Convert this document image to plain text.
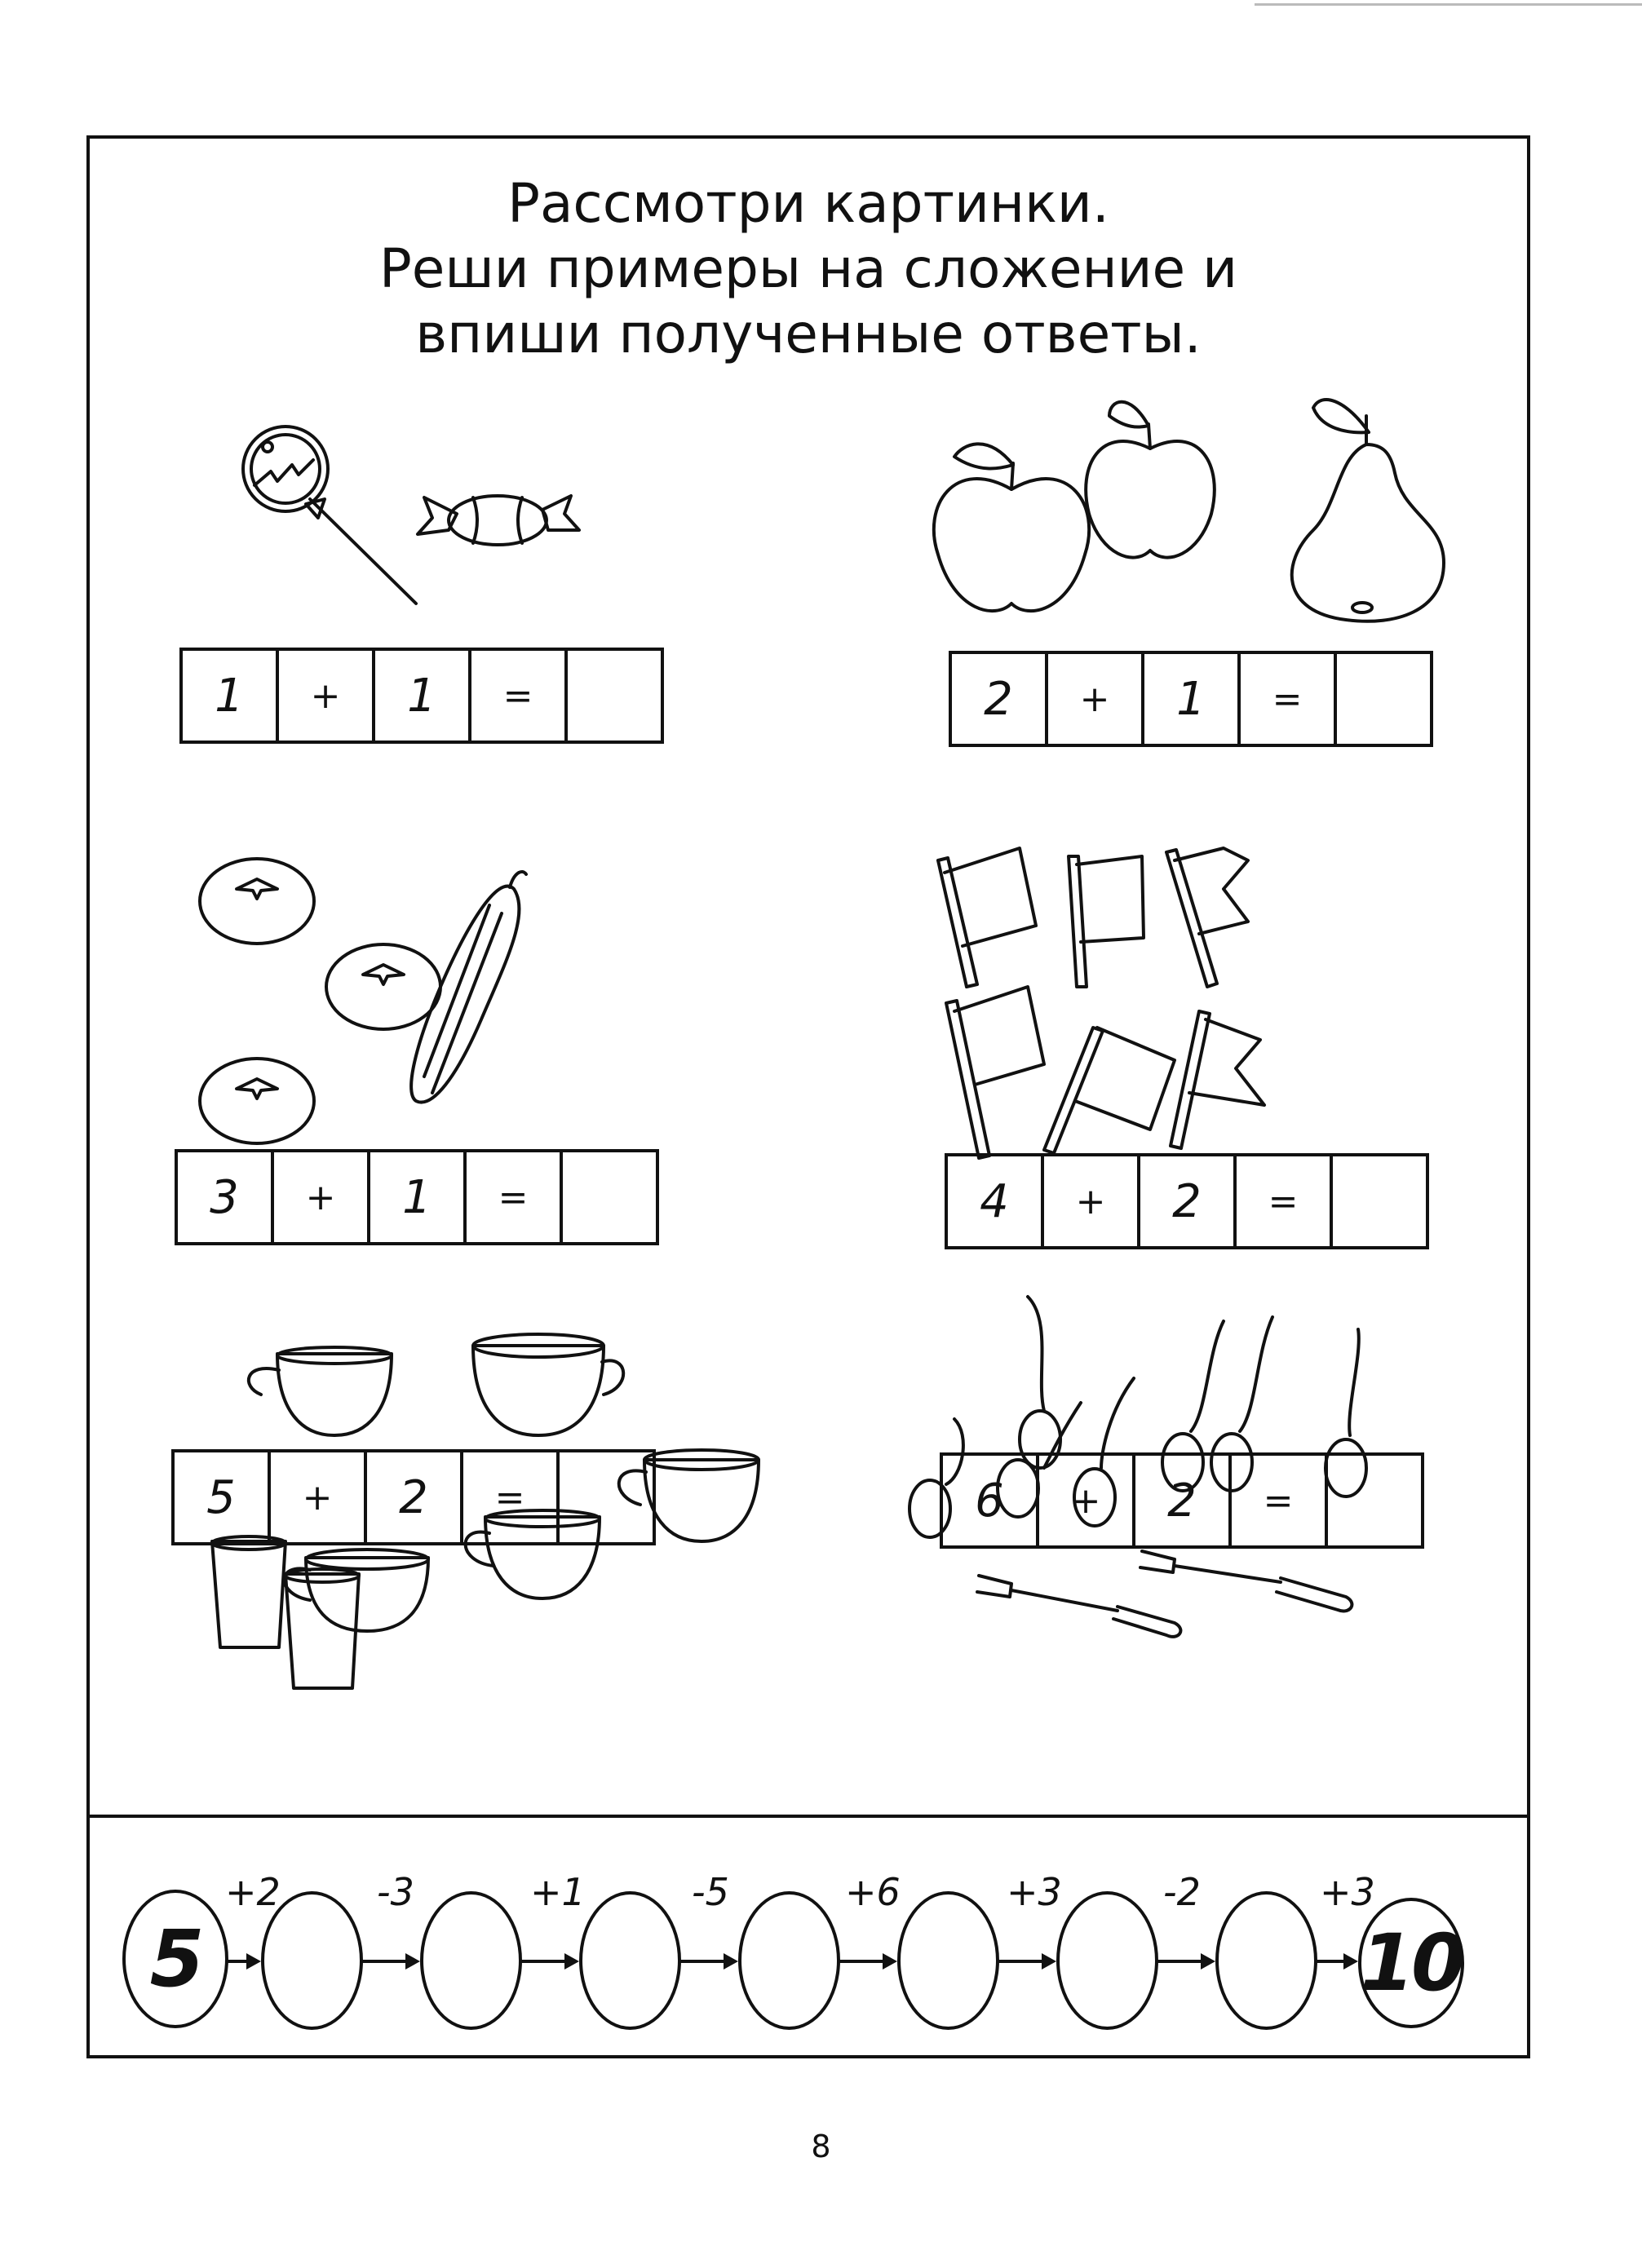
Рассмотри картинки.
Реши примеры на сложение и
впиши полученные ответы.
1	+	1	=	2	+	1	=
3	+	1	=	4	+	2	=
5	+	2	=	6	+	2	=
5
+2	-3	+1	-5	+6	+3	-2	+3
10
8
